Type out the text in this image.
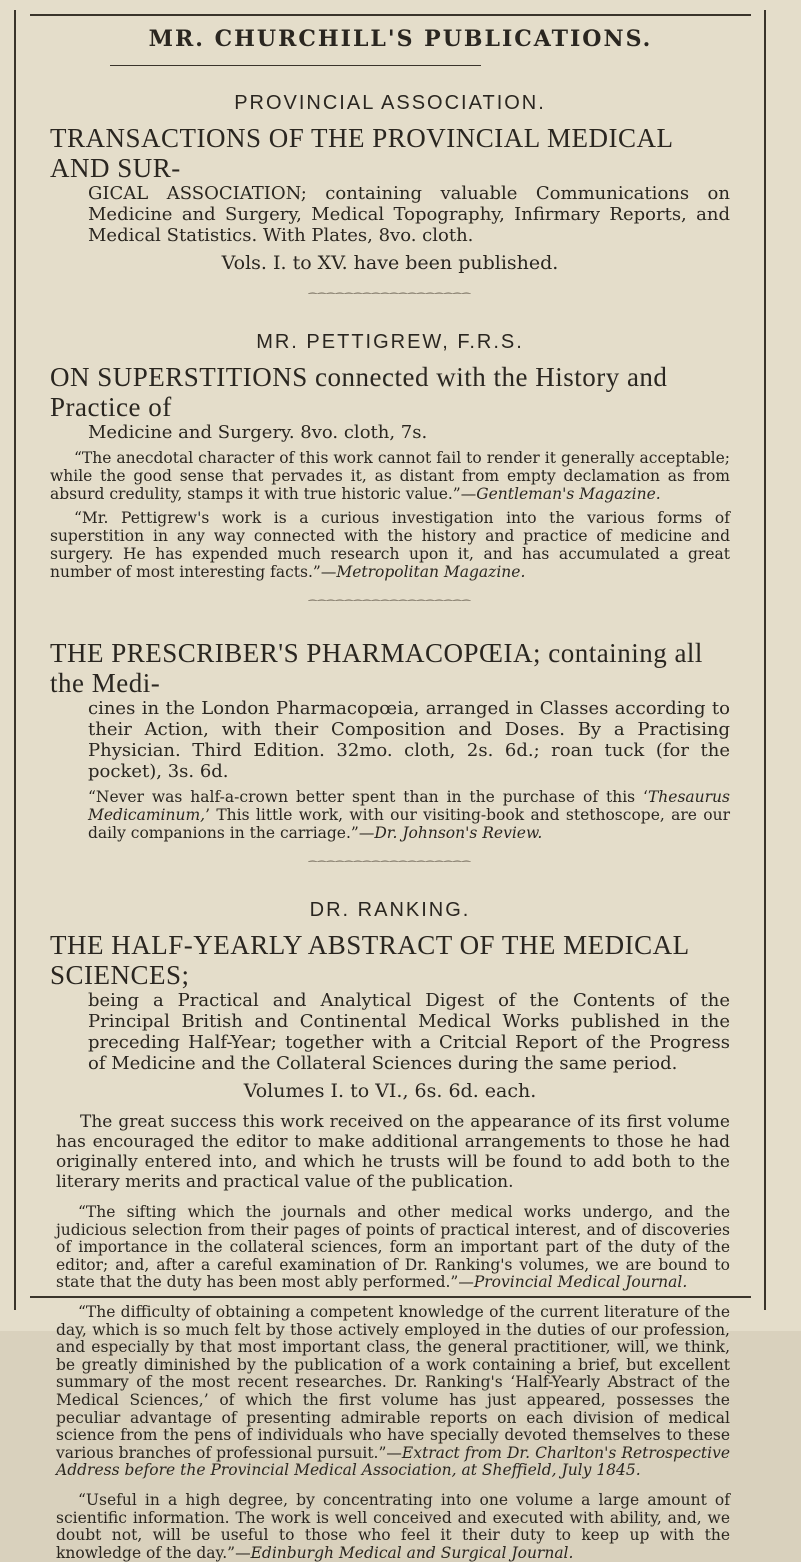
MR. CHURCHILL'S PUBLICATIONS.

PROVINCIAL ASSOCIATION.

TRANSACTIONS OF THE PROVINCIAL MEDICAL AND SUR-

GICAL ASSOCIATION; containing valuable Communications on Medicine and Surgery, Medical Topography, Infirmary Reports, and Medical Statistics. With Plates, 8vo. cloth.

Vols. I. to XV. have been published.

⁀⁀⁀⁀⁀⁀⁀⁀⁀⁀⁀⁀⁀⁀⁀⁀⁀⁀

MR. PETTIGREW, F.R.S.

ON SUPERSTITIONS connected with the History and Practice of

Medicine and Surgery. 8vo. cloth, 7s.

“The anecdotal character of this work cannot fail to render it generally acceptable; while the good sense that pervades it, as distant from empty declamation as from absurd credulity, stamps it with true historic value.”—Gentleman's Magazine.

“Mr. Pettigrew's work is a curious investigation into the various forms of superstition in any way connected with the history and practice of medicine and surgery. He has expended much research upon it, and has accumulated a great number of most interesting facts.”—Metropolitan Magazine.

⁀⁀⁀⁀⁀⁀⁀⁀⁀⁀⁀⁀⁀⁀⁀⁀⁀⁀

THE PRESCRIBER'S PHARMACOPŒIA; containing all the Medi-

cines in the London Pharmacopœia, arranged in Classes according to their Action, with their Composition and Doses. By a Practising Physician. Third Edition. 32mo. cloth, 2s. 6d.; roan tuck (for the pocket), 3s. 6d.

“Never was half-a-crown better spent than in the purchase of this ‘Thesaurus Medicaminum,’ This little work, with our visiting-book and stethoscope, are our daily companions in the carriage.”—Dr. Johnson's Review.

⁀⁀⁀⁀⁀⁀⁀⁀⁀⁀⁀⁀⁀⁀⁀⁀⁀⁀

DR. RANKING.

THE HALF-YEARLY ABSTRACT OF THE MEDICAL SCIENCES;

being a Practical and Analytical Digest of the Contents of the Principal British and Continental Medical Works published in the preceding Half-Year; together with a Critcial Report of the Progress of Medicine and the Collateral Sciences during the same period.

Volumes I. to VI., 6s. 6d. each.

The great success this work received on the appearance of its first volume has encouraged the editor to make additional arrangements to those he had originally entered into, and which he trusts will be found to add both to the literary merits and practical value of the publication.

“The sifting which the journals and other medical works undergo, and the judicious selection from their pages of points of practical interest, and of discoveries of importance in the collateral sciences, form an important part of the duty of the editor; and, after a careful examination of Dr. Ranking's volumes, we are bound to state that the duty has been most ably performed.”—Provincial Medical Journal.

“The difficulty of obtaining a competent knowledge of the current literature of the day, which is so much felt by those actively employed in the duties of our profession, and especially by that most important class, the general practitioner, will, we think, be greatly diminished by the publication of a work containing a brief, but excellent summary of the most recent researches. Dr. Ranking's ‘Half-Yearly Abstract of the Medical Sciences,’ of which the first volume has just appeared, possesses the peculiar advantage of presenting admirable reports on each division of medical science from the pens of individuals who have specially devoted themselves to these various branches of professional pursuit.”—Extract from Dr. Charlton's Retrospective Address before the Provincial Medical Association, at Sheffield, July 1845.

“Useful in a high degree, by concentrating into one volume a large amount of scientific information. The work is well conceived and executed with ability, and, we doubt not, will be useful to those who feel it their duty to keep up with the knowledge of the day.”—Edinburgh Medical and Surgical Journal.
